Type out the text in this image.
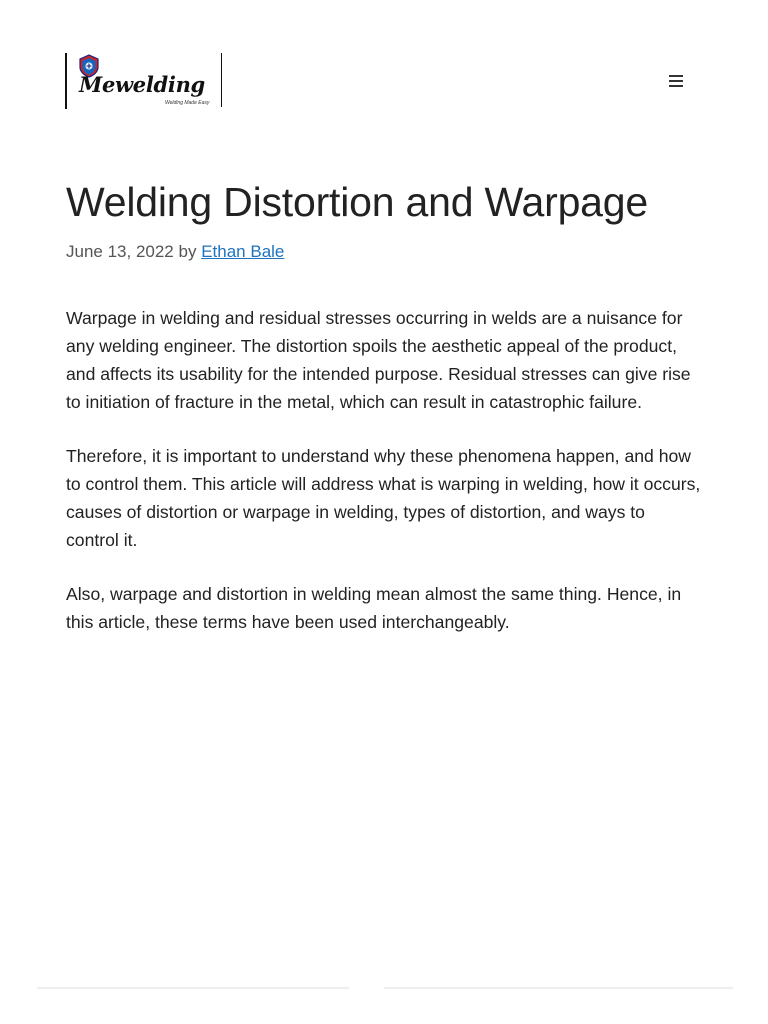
Mewelding
Welding Made Easy
Welding Distortion and Warpage
June 13, 2022 by Ethan Bale

Warpage in welding and residual stresses occurring in welds are a nuisance for any welding engineer. The distortion spoils the aesthetic appeal of the product, and affects its usability for the intended purpose. Residual stresses can give rise to initiation of fracture in the metal, which can result in catastrophic failure.

Therefore, it is important to understand why these phenomena happen, and how to control them. This article will address what is warping in welding, how it occurs, causes of distortion or warpage in welding, types of distortion, and ways to control it.

Also, warpage and distortion in welding mean almost the same thing. Hence, in this article, these terms have been used interchangeably.
